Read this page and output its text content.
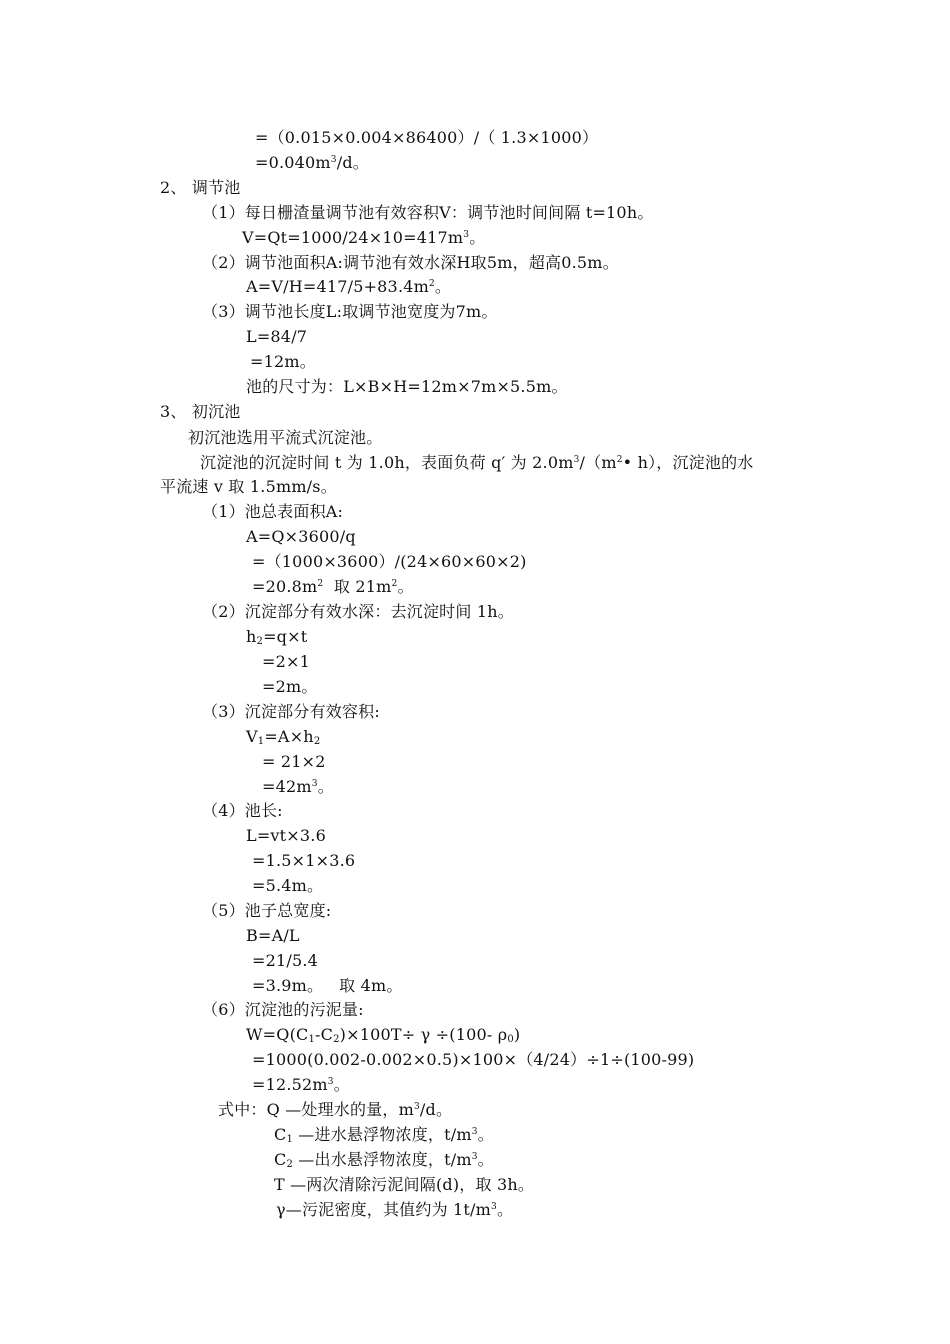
=（0.015×0.004×86400）/（ 1.3×1000）
$=0.040m^3/d$。
2、 调节池
（1）每日栅渣量调节池有效容积V：调节池时间间隔 t=10h。
$V=Qt=1000/24\times 10=417m^3$。
（2）调节池面积A:调节池有效水深H取5m，超高0.5m。
$A=V/H=417/5+83.4m^2$。
（3）调节池长度L:取调节池宽度为7m。
L=84/7
=12m。
池的尺寸为：L×B×H=12m×7m×5.5m。
3、 初沉池
初沉池选用平流式沉淀池。
沉淀池的沉淀时间 t 为 1.0h，表面负荷 q′ 为 $2.0m^3/(m^2•$ h），沉淀池的水
平流速 v 取 1.5mm/s。
（1）池总表面积A:
A=Q×3600/q
=（1000×3600）/(24×60×60×2)
$=20.8m^2$  取 $21m^2$。
（2）沉淀部分有效水深：去沉淀时间 1h。
$h_2=q\times t$
=2×1
=2m。
（3）沉淀部分有效容积:
$V_1=A\times h_2$
= 21×2
$=42m^3$。
（4）池长:
L=vt×3.6
=1.5×1×3.6
=5.4m。
（5）池子总宽度:
B=A/L
=21/5.4
=3.9m。   取 4m。
（6）沉淀池的污泥量:
$W=Q(C_1-C_2)\times 100T\div \gamma \div(100-$ $\rho_0$)
=1000(0.002-0.002×0.5)×100×（4/24）÷1÷(100-99)
$=12.52m^3$。
式中：Q —处理水的量，$m^3/d$。
$C_1$ —进水悬浮物浓度，$t/m^3$。
$C_2$ —出水悬浮物浓度，$t/m^3$。
T —两次清除污泥间隔(d)，取 3h。
γ—污泥密度，其值约为 $1t/m^3$。
